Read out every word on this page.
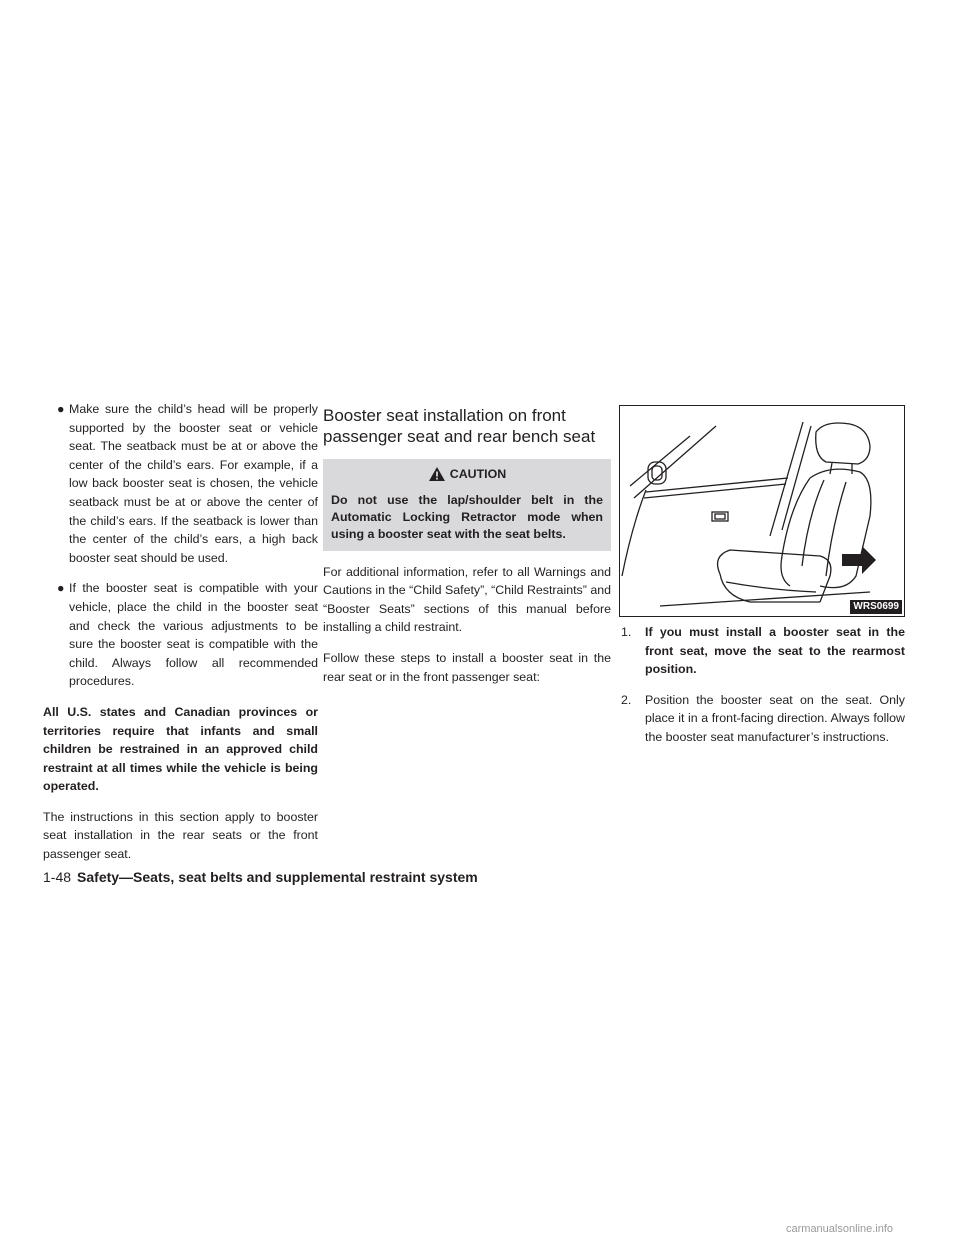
● Make sure the child’s head will be properly supported by the booster seat or vehicle seat. The seatback must be at or above the center of the child’s ears. For example, if a low back booster seat is chosen, the vehicle seatback must be at or above the center of the child’s ears. If the seatback is lower than the center of the child’s ears, a high back booster seat should be used.
● If the booster seat is compatible with your vehicle, place the child in the booster seat and check the various adjustments to be sure the booster seat is compatible with the child. Always follow all recommended procedures.

All U.S. states and Canadian provinces or territories require that infants and small children be restrained in an approved child restraint at all times while the vehicle is being operated.

The instructions in this section apply to booster seat installation in the rear seats or the front passenger seat.

Booster seat installation on front passenger seat and rear bench seat
CAUTION
Do not use the lap/shoulder belt in the Automatic Locking Retractor mode when using a booster seat with the seat belts.

For additional information, refer to all Warnings and Cautions in the “Child Safety”, “Child Restraints” and “Booster Seats” sections of this manual before installing a child restraint.

Follow these steps to install a booster seat in the rear seat or in the front passenger seat:

WRS0699
1. If you must install a booster seat in the front seat, move the seat to the rearmost position.
2. Position the booster seat on the seat. Only place it in a front-facing direction. Always follow the booster seat manufacturer’s instructions.
1-48 Safety—Seats, seat belts and supplemental restraint system
carmanualsonline.info
